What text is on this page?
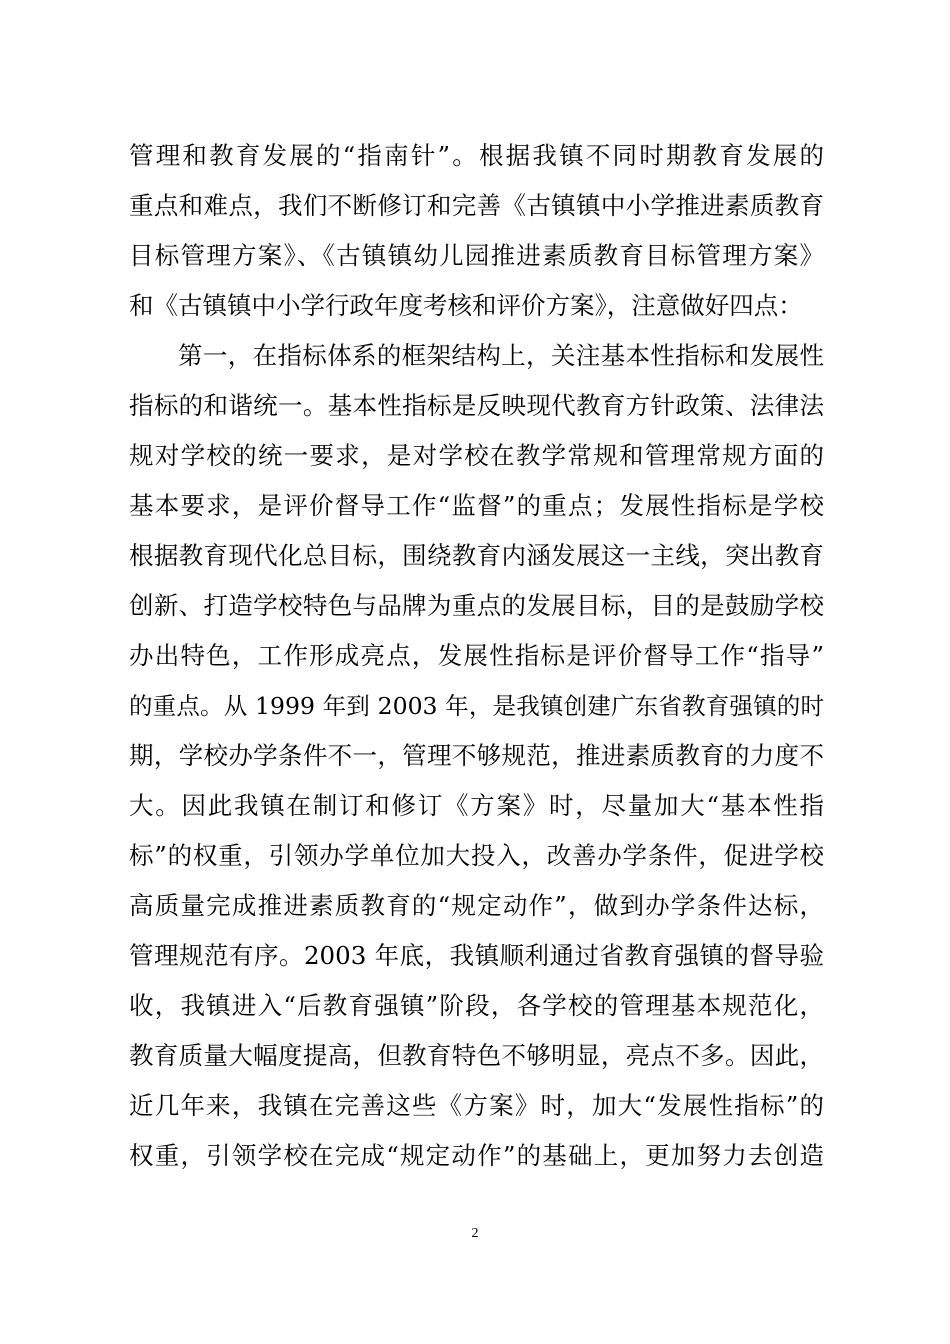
管理和教育发展的“指南针”。根据我镇不同时期教育发展的
重点和难点，我们不断修订和完善《古镇镇中小学推进素质教育
目标管理方案》、《古镇镇幼儿园推进素质教育目标管理方案》
和《古镇镇中小学行政年度考核和评价方案》，注意做好四点：
第一，在指标体系的框架结构上，关注基本性指标和发展性
指标的和谐统一。基本性指标是反映现代教育方针政策、法律法
规对学校的统一要求，是对学校在教学常规和管理常规方面的
基本要求，是评价督导工作“监督”的重点；发展性指标是学校
根据教育现代化总目标，围绕教育内涵发展这一主线，突出教育
创新、打造学校特色与品牌为重点的发展目标，目的是鼓励学校
办出特色，工作形成亮点，发展性指标是评价督导工作“指导”
的重点。从 1999 年到 2003 年，是我镇创建广东省教育强镇的时
期，学校办学条件不一，管理不够规范，推进素质教育的力度不
大。因此我镇在制订和修订《方案》时，尽量加大“基本性指
标”的权重，引领办学单位加大投入，改善办学条件，促进学校
高质量完成推进素质教育的“规定动作”，做到办学条件达标，
管理规范有序。2003 年底，我镇顺利通过省教育强镇的督导验
收，我镇进入“后教育强镇”阶段，各学校的管理基本规范化，
教育质量大幅度提高，但教育特色不够明显，亮点不多。因此，
近几年来，我镇在完善这些《方案》时，加大“发展性指标”的
权重，引领学校在完成“规定动作”的基础上，更加努力去创造
2
